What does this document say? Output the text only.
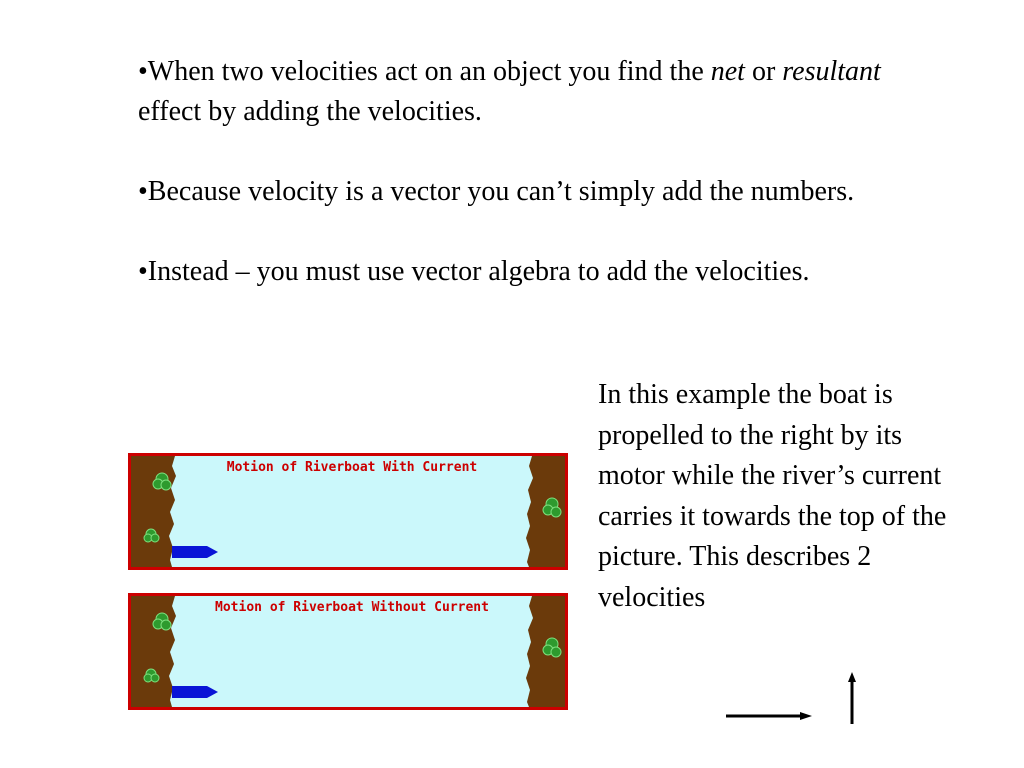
•When two velocities act on an object you find the net or resultant effect by adding the velocities.

•Because velocity is a vector you can’t simply add the numbers.

•Instead – you must use vector algebra to add the velocities.

In this example the boat is propelled to the right by its motor while the river’s current carries it towards the top of the picture. This describes 2 velocities
Motion of Riverboat With Current
Motion of Riverboat Without Current
